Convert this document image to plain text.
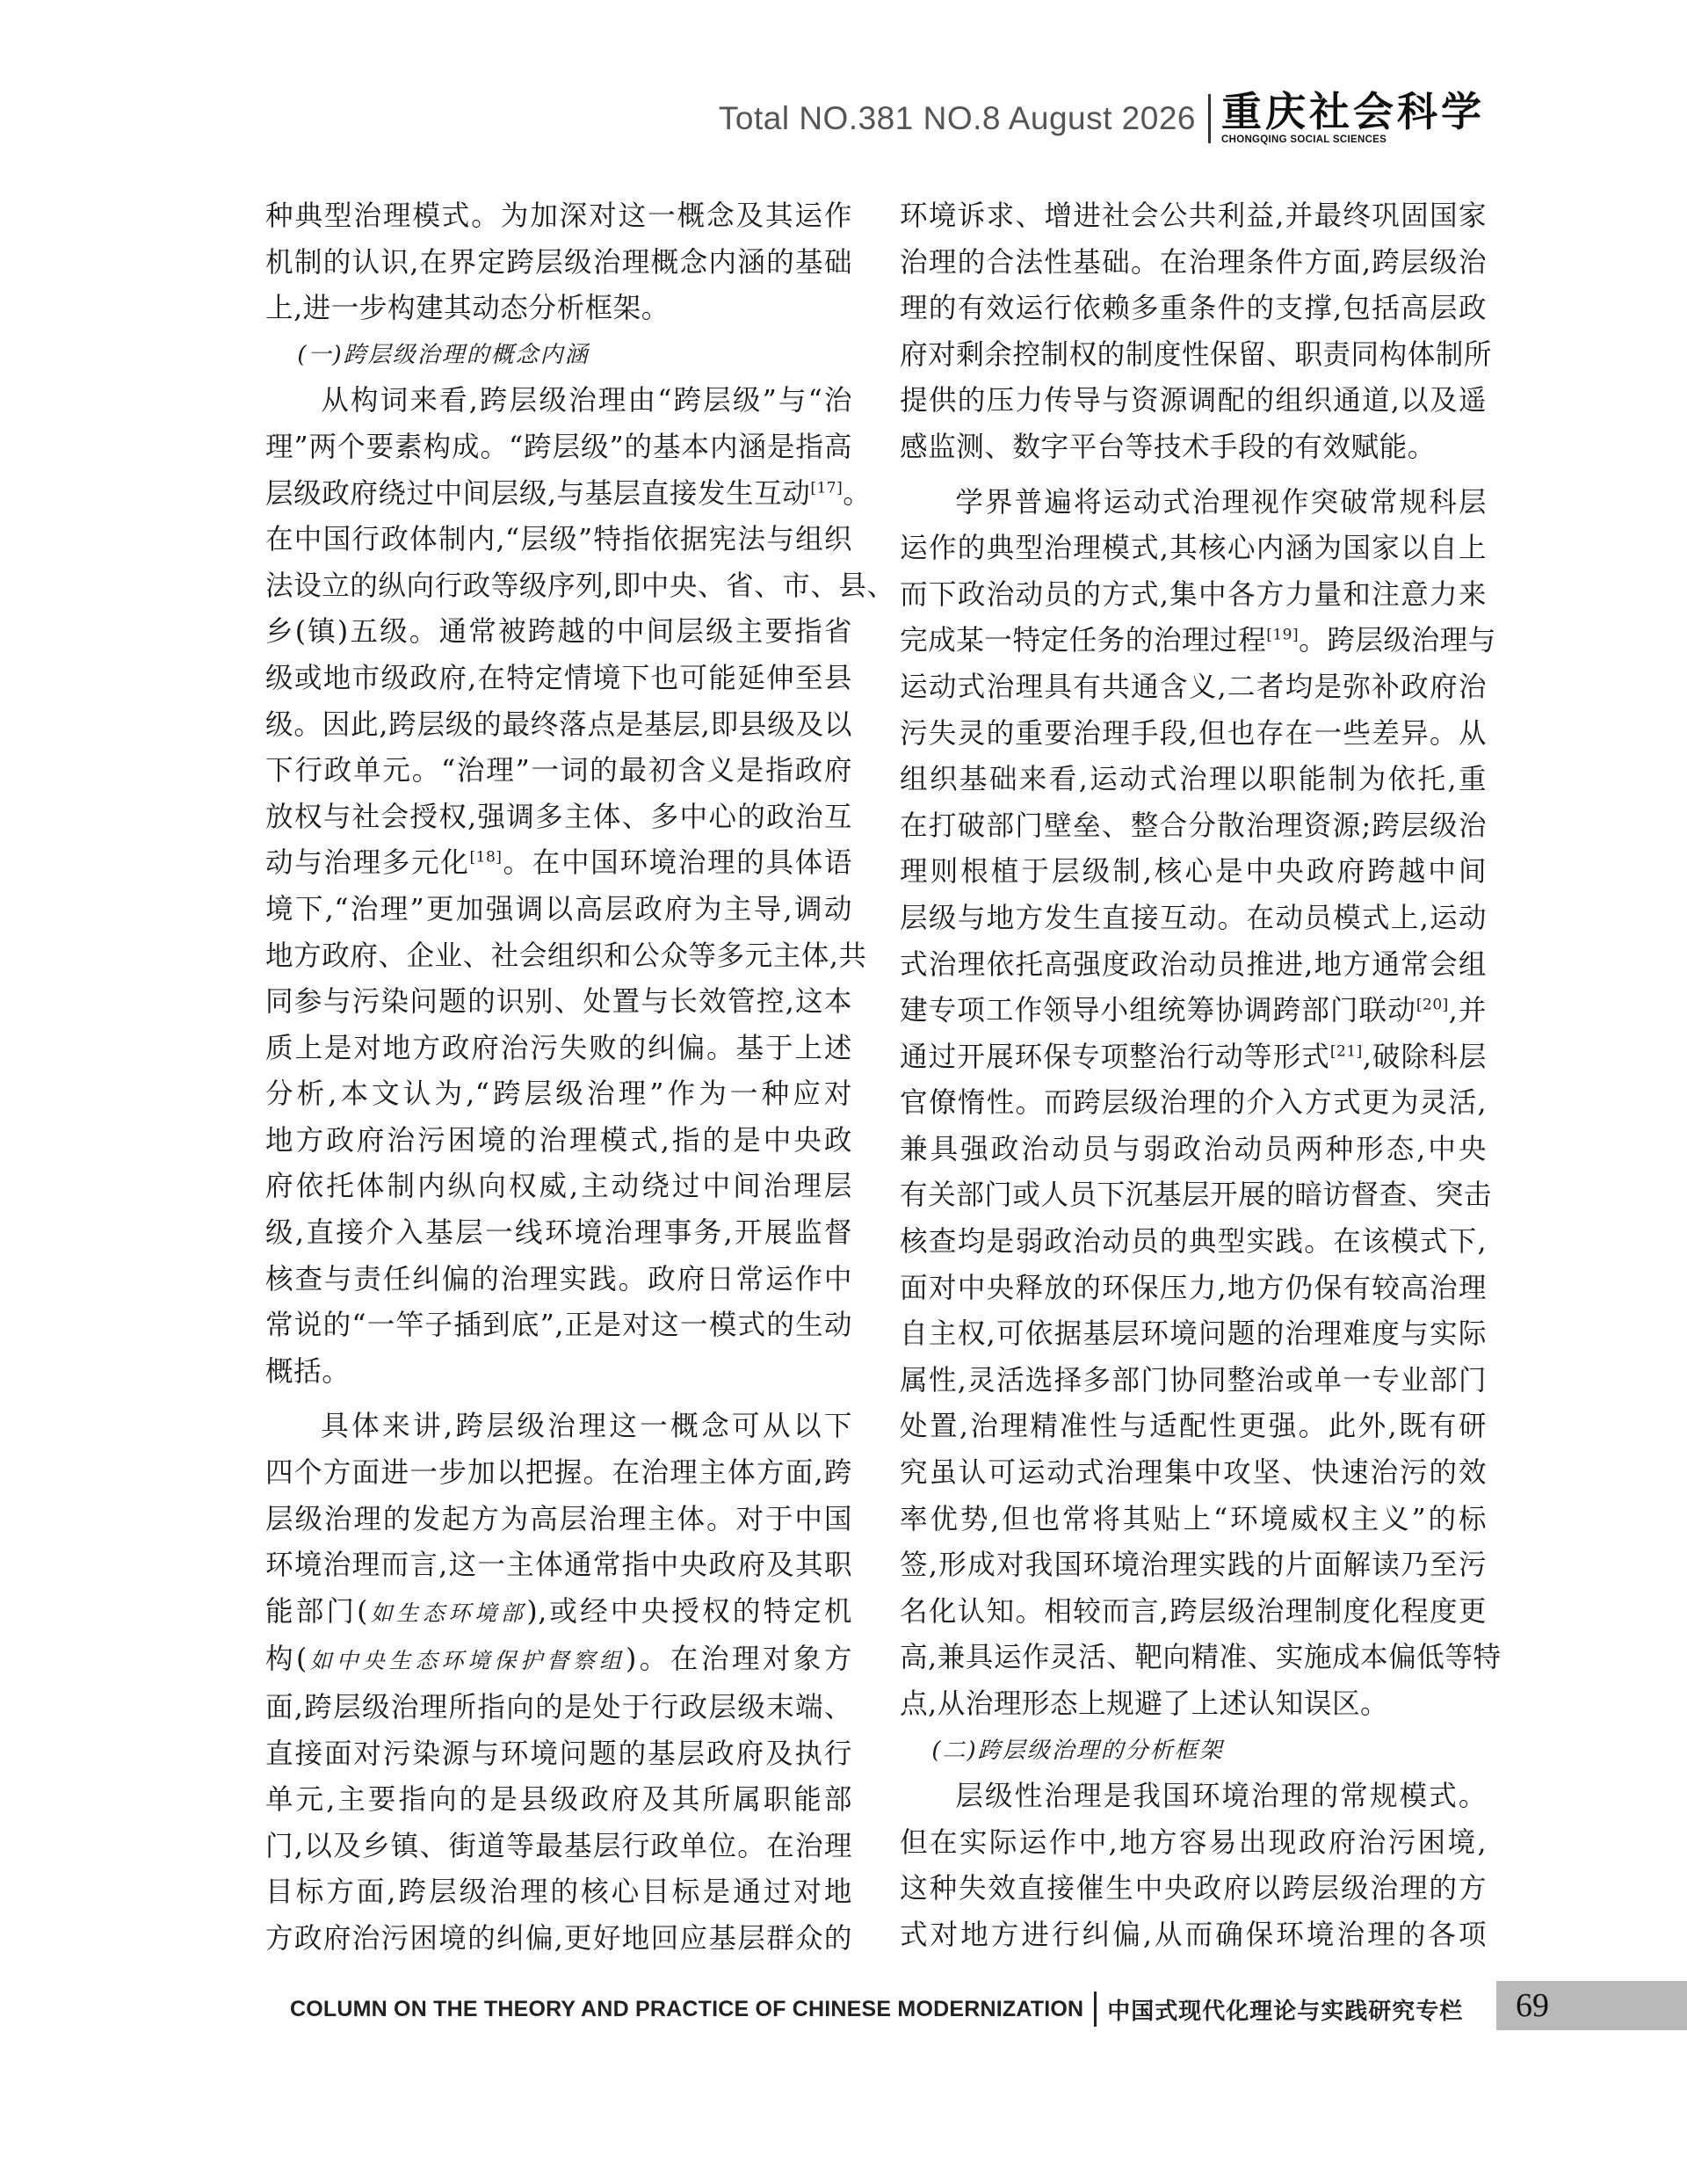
Total NO.381 NO.8 August 2026 重庆社会科学
CHONGQING SOCIAL SCIENCES

种典型治理模式。为加深对这一概念及其运作

机制的认识,在界定跨层级治理概念内涵的基础

上,进一步构建其动态分析框架。

(一)跨层级治理的概念内涵

从构词来看,跨层级治理由“跨层级”与“治

理”两个要素构成。“跨层级”的基本内涵是指高

层级政府绕过中间层级,与基层直接发生互动[17]。

在中国行政体制内,“层级”特指依据宪法与组织

法设立的纵向行政等级序列,即中央、省、市、县、

乡(镇)五级。通常被跨越的中间层级主要指省

级或地市级政府,在特定情境下也可能延伸至县

级。因此,跨层级的最终落点是基层,即县级及以

下行政单元。“治理”一词的最初含义是指政府

放权与社会授权,强调多主体、多中心的政治互

动与治理多元化[18]。在中国环境治理的具体语

境下,“治理”更加强调以高层政府为主导,调动

地方政府、企业、社会组织和公众等多元主体,共

同参与污染问题的识别、处置与长效管控,这本

质上是对地方政府治污失败的纠偏。基于上述

分析,本文认为,“跨层级治理”作为一种应对

地方政府治污困境的治理模式,指的是中央政

府依托体制内纵向权威,主动绕过中间治理层

级,直接介入基层一线环境治理事务,开展监督

核查与责任纠偏的治理实践。政府日常运作中

常说的“一竿子插到底”,正是对这一模式的生动

概括。

具体来讲,跨层级治理这一概念可从以下

四个方面进一步加以把握。在治理主体方面,跨

层级治理的发起方为高层治理主体。对于中国

环境治理而言,这一主体通常指中央政府及其职

能部门(如生态环境部),或经中央授权的特定机

构(如中央生态环境保护督察组)。在治理对象方

面,跨层级治理所指向的是处于行政层级末端、

直接面对污染源与环境问题的基层政府及执行

单元,主要指向的是县级政府及其所属职能部

门,以及乡镇、街道等最基层行政单位。在治理

目标方面,跨层级治理的核心目标是通过对地

方政府治污困境的纠偏,更好地回应基层群众的

环境诉求、增进社会公共利益,并最终巩固国家

治理的合法性基础。在治理条件方面,跨层级治

理的有效运行依赖多重条件的支撑,包括高层政

府对剩余控制权的制度性保留、职责同构体制所

提供的压力传导与资源调配的组织通道,以及遥

感监测、数字平台等技术手段的有效赋能。

学界普遍将运动式治理视作突破常规科层

运作的典型治理模式,其核心内涵为国家以自上

而下政治动员的方式,集中各方力量和注意力来

完成某一特定任务的治理过程[19]。跨层级治理与

运动式治理具有共通含义,二者均是弥补政府治

污失灵的重要治理手段,但也存在一些差异。从

组织基础来看,运动式治理以职能制为依托,重

在打破部门壁垒、整合分散治理资源;跨层级治

理则根植于层级制,核心是中央政府跨越中间

层级与地方发生直接互动。在动员模式上,运动

式治理依托高强度政治动员推进,地方通常会组

建专项工作领导小组统筹协调跨部门联动[20],并

通过开展环保专项整治行动等形式[21],破除科层

官僚惰性。而跨层级治理的介入方式更为灵活,

兼具强政治动员与弱政治动员两种形态,中央

有关部门或人员下沉基层开展的暗访督查、突击

核查均是弱政治动员的典型实践。在该模式下,

面对中央释放的环保压力,地方仍保有较高治理

自主权,可依据基层环境问题的治理难度与实际

属性,灵活选择多部门协同整治或单一专业部门

处置,治理精准性与适配性更强。此外,既有研

究虽认可运动式治理集中攻坚、快速治污的效

率优势,但也常将其贴上“环境威权主义”的标

签,形成对我国环境治理实践的片面解读乃至污

名化认知。相较而言,跨层级治理制度化程度更

高,兼具运作灵活、靶向精准、实施成本偏低等特

点,从治理形态上规避了上述认知误区。

(二)跨层级治理的分析框架

层级性治理是我国环境治理的常规模式。

但在实际运作中,地方容易出现政府治污困境,

这种失效直接催生中央政府以跨层级治理的方

式对地方进行纠偏,从而确保环境治理的各项

COLUMN ON THE THEORY AND PRACTICE OF CHINESE MODERNIZATION 中国式现代化理论与实践研究专栏 69
